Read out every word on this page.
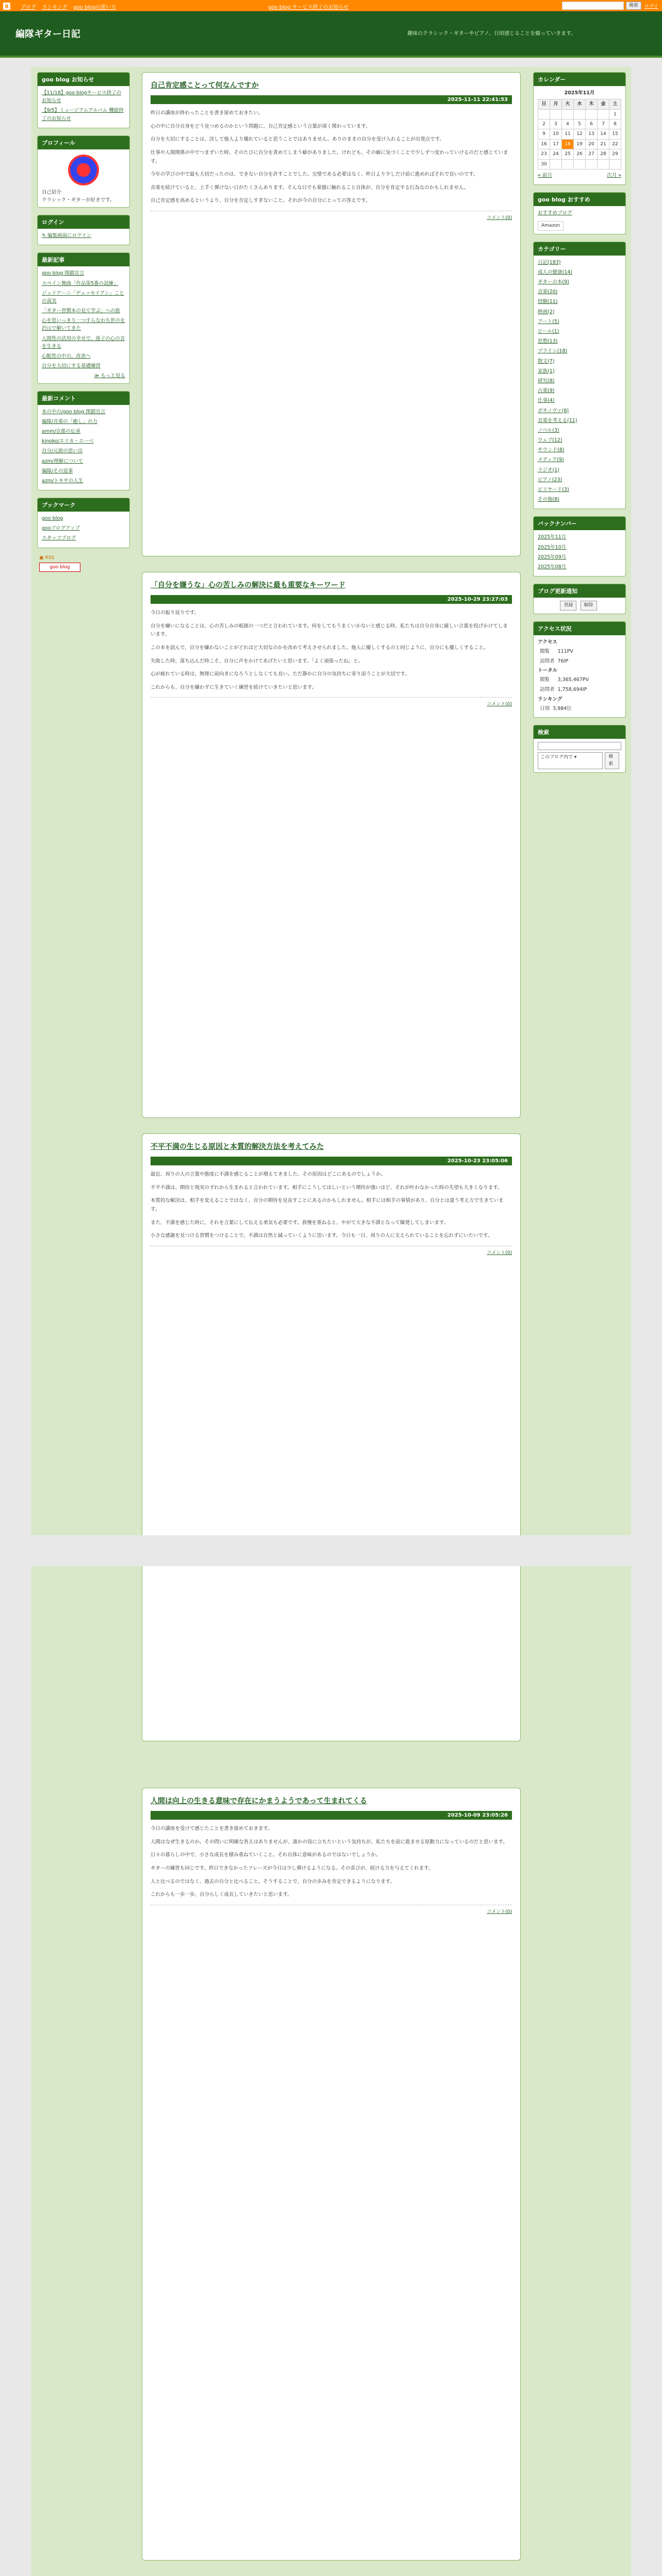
g	ブログ ランキング goo blogの使い方	goo blog サービス終了のお知らせ	検索	ログイ
編隊ギター日記	趣味のクラシック・ギターやピアノ、日頃感じることを綴っていきます。
goo blog お知らせ
【11/18】goo blogサービス終了のお知らせ
【9/5】ミュージアムアルバム 機能終了のお知らせ
プロフィール
自己紹介
クラシック・ギターが好きです。
ログイン
✎ 編集画面にログイン
最新記事
goo blog 閉鎖宣言
スペイン舞曲「作品第5番の試練」
ジュリアーニ「デュッセイアン」ことの真実
「ギター習慣本の見て学ぶ」への旅
心を思いっきり一つすらなわち世のを沢山で解いてきた
人間性の活用の幸せで、迷子の心の音を生きる
心配性の中の、改善へ
自分を大切にする基礎練習
≫ もっと見る
最新コメント
本の中の/goo blog 閉鎖宣言
編隊/音楽の「癒し」の力
amm/京都の伝承
kinoko/エリカ・エーベ
自分/元彼の思い出
azm/理解について
編隊/その返事
azm/トキサの人生
ブックマーク
goo blog
gooブログアップ
スタッフブログ
▣ RSS
goo blog
カレンダー
2025年11月
日	月	火	水	木	金	土
						1
2	3	4	5	6	7	8
9	10	11	12	13	14	15
16	17	18	19	20	21	22
23	24	25	26	27	28	29
30						
« 前月	次月 »
goo blog おすすめ
おすすめブログ
Amazon
カテゴリー
日記(183)
成人の健康(14)
ギターの本(9)
音楽(20)
経験(11)
映画(2)
アート(5)
ビール(1)
思想(13)
プライン(18)
散文(7)
家族(1)
研究(8)
古楽(9)
仕事(4)
ボサノヴァ(8)
音楽を考える(11)
ノベル(3)
ウェブ(12)
サウンド(8)
メディア(9)
ラジオ(1)
ピアノ(23)
ビリヤード(3)
その他(8)
バックナンバー
2025年11月
2025年10月
2025年09月
2025年08月
ブログ更新通知
登録 解除
アクセス状況
アクセス
閲覧	111PV
訪問者	76IP
トータル
閲覧	3,365,467PV
訪問者	1,758,694IP
ランキング
日別	3,984位
検索
このブログ内で ▾	検索
自己肯定感ことって何なんですか
2025-11-11 22:41:53

昨日の講座が終わったことを書き留めておきたい。

心の中に自分自身をどう見つめるのかという問題に、自己肯定感という言葉が深く関わっています。

自分を大切にすることは、決して他人より優れていると思うことではありません。ありのままの自分を受け入れることが出発点です。

仕事や人間関係の中でつまずいた時、そのたびに自分を責めてしまう癖がありました。けれども、その癖に気づくことで少しずつ変わっていけるのだと感じています。

今年の学びの中で最も大切だったのは、できない自分を許すことでした。完璧である必要はなく、昨日より少しだけ前に進めればそれで良いのです。

音楽を続けていると、上手く弾けない日がたくさんあります。そんな日でも楽器に触れること自体が、自分を肯定する行為なのかもしれません。

自己肯定感を高めるというより、自分を否定しすぎないこと。それが今の自分にとっての答えです。

コメント(0)
「自分を嫌うな」心の苦しみの解決に最も重要なキーワード
2025-10-29 23:27:03

今日の振り返りです。

自分を嫌いになることは、心の苦しみの根源の一つだと言われています。何をしてもうまくいかないと感じる時、私たちは自分自身に厳しい言葉を投げかけてしまいます。

この本を読んで、自分を嫌わないことがどれほど大切なのかを改めて考えさせられました。他人に優しくするのと同じように、自分にも優しくすること。

失敗した時、落ち込んだ時こそ、自分に声をかけてあげたいと思います。「よく頑張ったね」と。

心が疲れている時は、無理に前向きになろうとしなくても良い。ただ静かに自分の気持ちに寄り添うことが大切です。

これからも、自分を嫌わずに生きていく練習を続けていきたいと思います。

コメント(0)
不平不満の生じる原因と本質的解決方法を考えてみた
2025-10-23 23:05:06

最近、周りの人の言葉や態度に不満を感じることが増えてきました。その原因はどこにあるのでしょうか。

不平不満は、期待と現実のずれから生まれると言われています。相手にこうしてほしいという期待が強いほど、それが叶わなかった時の失望も大きくなります。

本質的な解決は、相手を変えることではなく、自分の期待を見直すことにあるのかもしれません。相手には相手の事情があり、自分とは違う考え方で生きています。

また、不満を感じた時に、それを言葉にして伝える勇気も必要です。我慢を重ねると、やがて大きな不満となって爆発してしまいます。

小さな感謝を見つける習慣をつけることで、不満は自然と減っていくように思います。今日も一日、周りの人に支えられていることを忘れずにいたいです。

コメント(0)
人間は向上の生きる意味で存在にかまうようであって生まれてくる
2025-10-09 23:05:26

今日の講座を受けて感じたことを書き留めておきます。

人間はなぜ生きるのか。その問いに明確な答えはありませんが、誰かの役に立ちたいという気持ちが、私たちを前に進ませる原動力になっているのだと思います。

日々の暮らしの中で、小さな成長を積み重ねていくこと。それ自体に意味があるのではないでしょうか。

ギターの練習も同じです。昨日できなかったフレーズが今日は少し弾けるようになる。その喜びが、続ける力を与えてくれます。

人と比べるのではなく、過去の自分と比べること。そうすることで、自分の歩みを肯定できるようになります。

これからも一歩一歩、自分らしく成長していきたいと思います。

コメント(0)
